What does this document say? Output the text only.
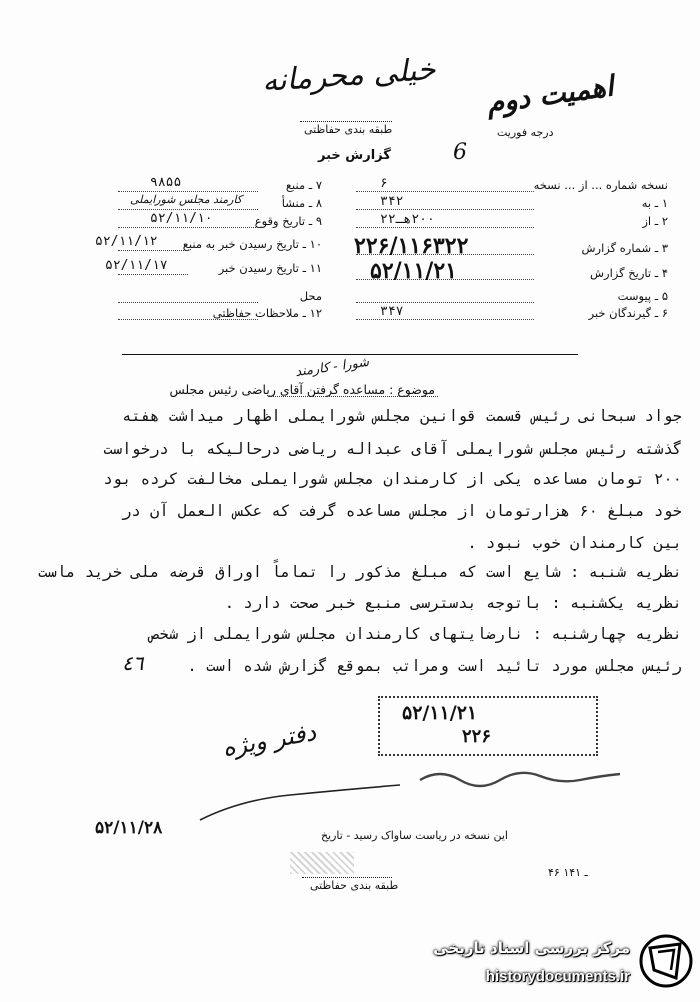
خیلی محرمانه اهمیت دوم
درجه فوریت
طبقه بندی حفاظتی
گزارش خبر	6
نسخه شماره ... از ... نسخه
۶
۱ ـ به
۳۴۲
۲ ـ از
۲۰۰هـ۲۲
۳ ـ شماره گزارش
۲۲۶/۱۱۶۳۲۲
۴ ـ تاریخ گزارش
۵۲/۱۱/۲۱
۵ ـ پیوست
۶ ـ گیرندگان خبر
۳۴۷
۷ ـ منبع
۹۸۵۵
۸ ـ منشأ
کارمند مجلس شورایملی
۹ ـ تاریخ وقوع
۵۲/۱۱/۱۰
۱۰ ـ تاریخ رسیدن خبر به منبع
۵۲/۱۱/۱۲
۱۱ ـ تاریخ رسیدن خبر
۵۲/۱۱/۱۷
محل
۱۲ ـ ملاحظات حفاظتی
موضوع : مساعده گرفتن آقای ریاضی رئیس مجلس
شورا - کارمند
جواد سبحانی رئیس قسمت قوانین مجلس شورایملی اظهار میداشت هفته
گذشته رئیس مجلس شورایملی آقای عبداله ریاضی درحالیکه با درخواست
۲۰۰ تومان مساعده یکی از کارمندان مجلس شورایملی مخالفت کرده بود
خود مبلغ ۶۰ هزارتومان از مجلس مساعده گرفت که عکس العمل آن در
بین کارمندان خوب نبود .
نظریه شنبه : شایع است که مبلغ مذکور را تماماً اوراق قرضه ملی خرید ماست
نظریه یکشنبه : باتوجه بدسترسی منبع خبر صحت دارد .
نظریه چهارشنبه : نارضایتهای کارمندان مجلس شورایملی از شخص
رئیس مجلس مورد تائید است ومراتب بموقع گزارش شده است .
٤٦
۵۲/۱۱/۲۱
۲۲۶
دفتر ویژه
این نسخه در ریاست ساواک رسید - تاریخ
۵۲/۱۱/۲۸
طبقه بندی حفاظتی
۴۶ ـ ۱۴۱
مرکز بررسی اسناد تاریخی
historydocuments.ir
